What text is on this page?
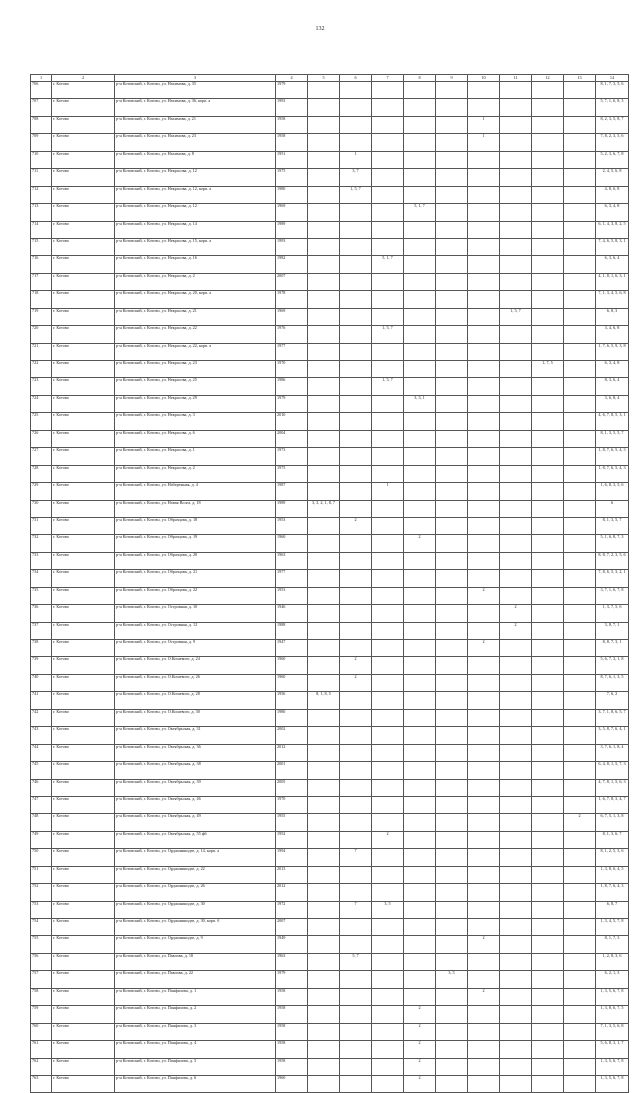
132
1	2	3	4	5	6	7	8	9	10	11	12	13	14
706	г. Котово	р-н Котовский, г. Котово, ул. Нахимова, д. 35	1979										8, 1, 7, 3, 5, 6
707	г. Котово	р-н Котовский, г. Котово, ул. Нахимова, д. 36, корп. а	1993										5, 7, 1, 6, 8, 3
708	г. Котово	р-н Котовский, г. Котово, ул. Нахимова, д. 21	1958						1				8, 2, 3, 5, 8, 7
709	г. Котово	р-н Котовский, г. Котово, ул. Нахимова, д. 23	1958						1				7, 8, 2, 3, 5, 6
710	г. Котово	р-н Котовский, г. Котово, ул. Нахимова, д. 8	1951		1								5, 2, 3, 6, 7, 8
711	г. Котово	р-н Котовский, г. Котово, ул. Некрасова, д. 12	1975		3, 7								2, 4, 5, 6, 8
712	г. Котово	р-н Котовский, г. Котово, ул. Некрасова, д. 12, корп. а	1980		1, 5, 7								4, 8, 6, 8
713	г. Котово	р-н Котовский, г. Котово, ул. Некрасова, д. 12	1969				5, 1, 7						6, 3, 4, 8
714	г. Котово	р-н Котовский, г. Котово, ул. Некрасова, д. 14	1989										6, 1, 4, 3, 8, 2, 5
715	г. Котово	р-н Котовский, г. Котово, ул. Некрасова, д. 15, корп. а	1993										7, 4, 6, 5, 8, 3, 1
716	г. Котово	р-н Котовский, г. Котово, ул. Некрасова, д. 16	1982			5, 1, 7							6, 3, 6, 4
717	г. Котово	р-н Котовский, г. Котово, ул. Некрасова, д. 2	2007										4, 1, 8, 1, 6, 3, 1
718	г. Котово	р-н Котовский, г. Котово, ул. Некрасова, д. 20, корп. а	1978										7, 1, 3, 4, 5, 6, 8
719	г. Котово	р-н Котовский, г. Котово, ул. Некрасова, д. 21	1969							1, 5, 7			6, 8, 3
720	г. Котово	р-н Котовский, г. Котово, ул. Некрасова, д. 22	1976			1, 5, 7							3, 4, 6, 8
721	г. Котово	р-н Котовский, г. Котово, ул. Некрасова, д. 22, корп. а	1977										1, 7, 6, 5, 9, 3, 8
722	г. Котово	р-н Котовский, г. Котово, ул. Некрасова, д. 23	1970								1, 7, 5		6, 3, 4, 8
723	г. Котово	р-н Котовский, г. Котово, ул. Некрасова, д. 25	1986			1, 5, 7							8, 3, 6, 4
724	г. Котово	р-н Котовский, г. Котово, ул. Некрасова, д. 29	1979				3, 5, 1						3, 6, 8, 4
725	г. Котово	р-н Котовский, г. Котово, ул. Некрасова, д. 3	2010										4, 6, 7, 8, 5, 3, 1
726	г. Котово	р-н Котовский, г. Котово, ул. Некрасова, д. 6	2004										8, 1, 3, 5, 5, 7
727	г. Котово	р-н Котовский, г. Котово, ул. Некрасова, д. 1	1973										1, 8, 7, 6, 5, 4, 3
728	г. Котово	р-н Котовский, г. Котово, ул. Некрасова, д. 2	1975										1, 8, 7, 6, 5, 4, 3
729	г. Котово	р-н Котовский, г. Котово, ул. Набережная, д. 4	1987			1							1, 6, 8, 3, 5, 6
730	г. Котово	р-н Котовский, г. Котово, ул. Новая Волга, д. 18	1989	3, 3, 2, 1, 8, 7									6
731	г. Котово	р-н Котовский, г. Котово, ул. Образцова, д. 18	1953		2								8, 1, 3, 5, 7
732	г. Котово	р-н Котовский, г. Котово, ул. Образцова, д. 19	1960				2						5, 1, 6, 8, 7, 3
733	г. Котово	р-н Котовский, г. Котово, ул. Образцова, д. 20	1963										8, 8, 7, 2, 3, 5, 6
734	г. Котово	р-н Котовский, г. Котово, ул. Образцова, д. 21	1977										7, 8, 6, 5, 3, 2, 1
735	г. Котово	р-н Котовский, г. Котово, ул. Образцова, д. 22	1953						2				3, 7, 1, 6, 7, 8
736	г. Котово	р-н Котовский, г. Котово, ул. Островная, д. 10	1946							2			1, 3, 7, 5, 6
737	г. Котово	р-н Котовский, г. Котово, ул. Островная, д. 12	1988							2			3, 8, 7, 1
738	г. Котово	р-н Котовский, г. Котово, ул. Островная, д. 9	1947						2				8, 8, 7, 3, 1
739	г. Котово	р-н Котовский, г. Котово, ул. О.Кошевого, д. 24	1960		2								5, 6, 7, 3, 1, 8
740	г. Котово	р-н Котовский, г. Котово, ул. О.Кошевого, д. 26	1960		2								8, 7, 6, 1, 3, 5
741	г. Котово	р-н Котовский, г. Котово, ул. О.Кошевого, д. 28	1956	8, 1, 8, 5									7, 6, 2
742	г. Котово	р-н Котовский, г. Котово, ул. О.Кошевого, д. 30	1980										3, 7, 1, 8, 6, 5, 7
743	г. Котово	р-н Котовский, г. Котово, ул. Октябрьская, д. 31	2002										3, 5, 8, 7, 6, 4, 1
744	г. Котово	р-н Котовский, г. Котово, ул. Октябрьская, д. 36	2012										3, 7, 6, 1, 8, 4
745	г. Котово	р-н Котовский, г. Котово, ул. Октябрьская, д. 38	2001										6, 4, 8, 1, 5, 7, 3
746	г. Котово	р-н Котовский, г. Котово, ул. Октябрьская, д. 39	2005										4, 7, 8, 1, 5, 6, 3
747	г. Котово	р-н Котовский, г. Котово, ул. Октябрьская, д. 46	1970										1, 6, 7, 8, 3, 4, 7
748	г. Котово	р-н Котовский, г. Котово, ул. Октябрьская, д. 49	1955									2	6, 7, 5, 1, 3, 8
749	г. Котово	р-н Котовский, г. Котово, ул. Октябрьская, д. 55 ф6	1952			2							8, 1, 3, 6, 7
750	г. Котово	р-н Котовский, г. Котово, ул. Орджоникидзе, д. 14, корп. а	1994		7								8, 1, 2, 5, 3, 6
751	г. Котово	р-н Котовский, г. Котово, ул. Орджоникидзе, д. 22	2013										1, 3, 8, 6, 4, 5
752	г. Котово	р-н Котовский, г. Котово, ул. Орджоникидзе, д. 26	2012										1, 8, 7, 6, 4, 3
753	г. Котово	р-н Котовский, г. Котово, ул. Орджоникидзе, д. 30	1972		7	3, 5							6, 8, 7
754	г. Котово	р-н Котовский, г. Котово, ул. Орджоникидзе, д. 30, корп. б	2007										1, 3, 4, 5, 7, 8
755	г. Котово	р-н Котовский, г. Котово, ул. Орджоникидзе, д. 9	1949						2				8, 1, 7, 3
756	г. Котово	р-н Котовский, г. Котово, ул. Павлова, д. 18	1963		5, 7								1, 2, 8, 3, 6
757	г. Котово	р-н Котовский, г. Котово, ул. Павлова, д. 22	1979					3, 5					6, 2, 1, 3
758	г. Котово	р-н Котовский, г. Котово, ул. Панфилова, д. 1	1958						2				1, 3, 5, 6, 7, 8
759	г. Котово	р-н Котовский, г. Котово, ул. Панфилова, д. 2	1958				2						1, 3, 8, 6, 7, 5
760	г. Котово	р-н Котовский, г. Котово, ул. Панфилова, д. 3	1958				2						7, 1, 3, 5, 6, 8
761	г. Котово	р-н Котовский, г. Котово, ул. Панфилова, д. 4	1958				2						5, 6, 8, 3, 1, 7
762	г. Котово	р-н Котовский, г. Котово, ул. Панфилова, д. 5	1958				2						1, 3, 5, 6, 7, 8
763	г. Котово	р-н Котовский, г. Котово, ул. Панфилова, д. 6	1960				2						1, 3, 5, 6, 7, 8
